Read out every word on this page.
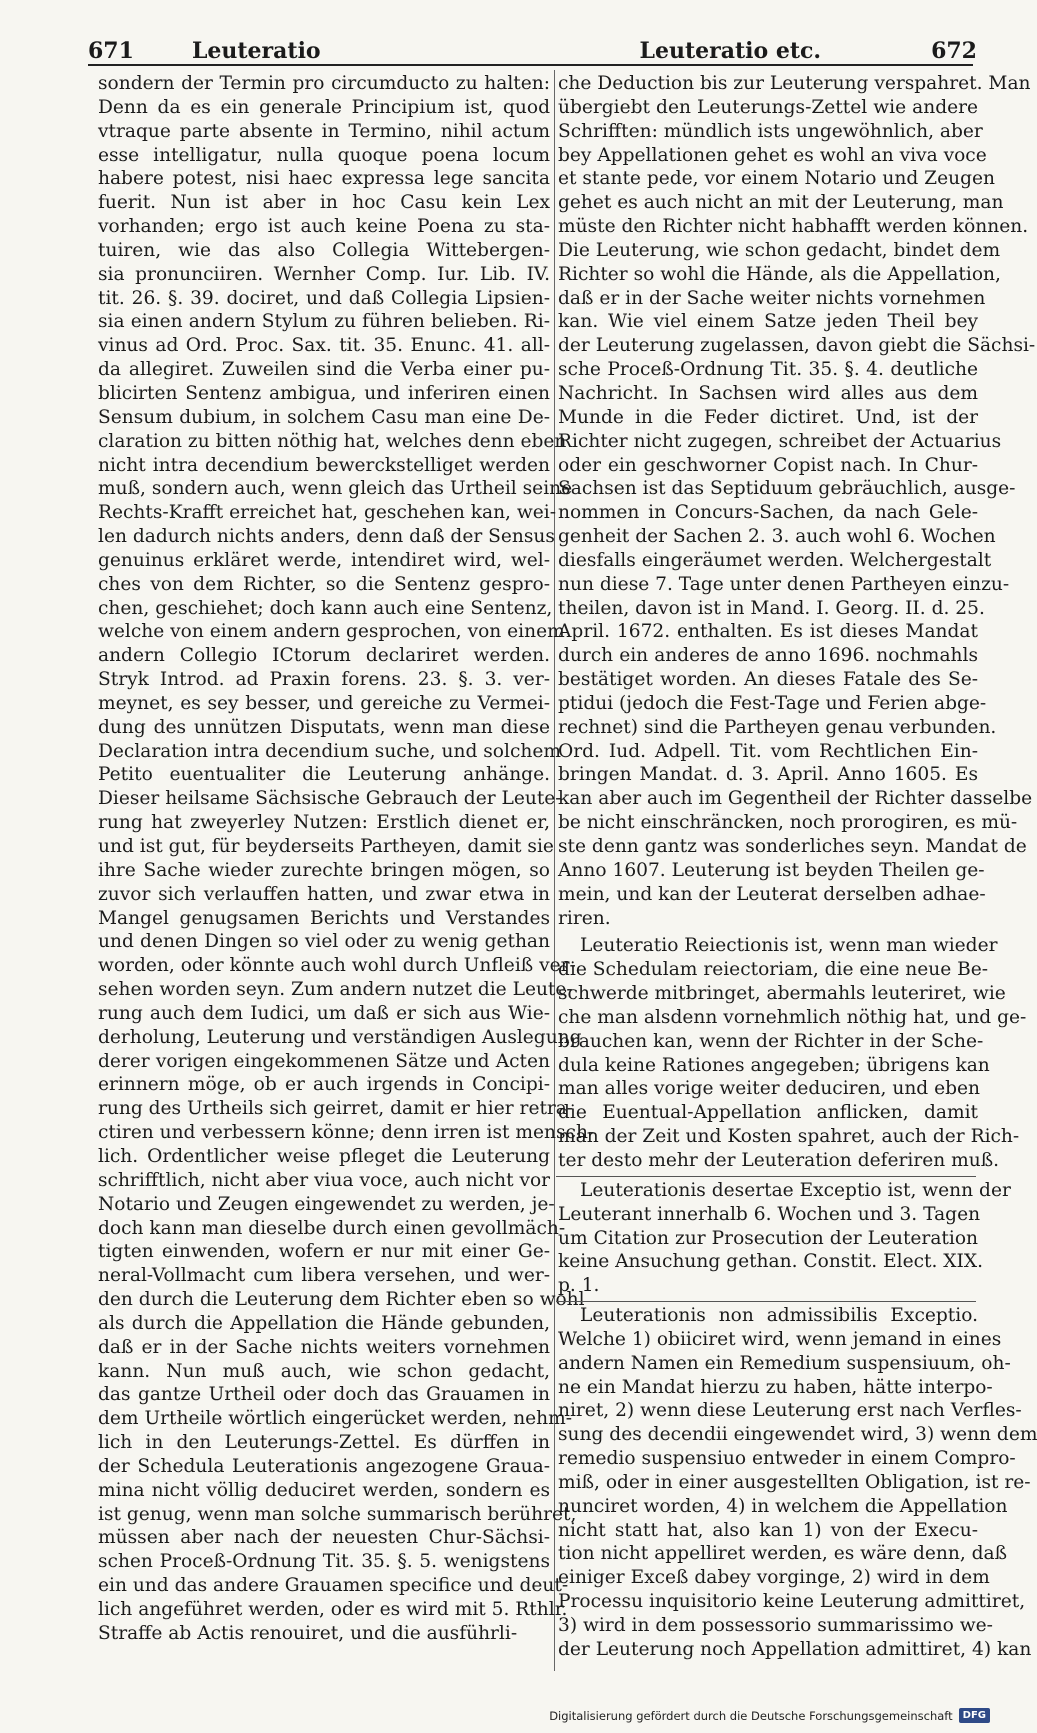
671	Leuteratio	Leuteratio etc.	672
sondern der Termin pro circumducto zu halten:
Denn da es ein generale Principium ist, quod
vtraque parte absente in Termino, nihil actum
esse intelligatur, nulla quoque poena locum
habere potest, nisi haec expressa lege sancita
fuerit. Nun ist aber in hoc Casu kein Lex
vorhanden; ergo ist auch keine Poena zu sta-
tuiren, wie das also Collegia Wittebergen-
sia pronunciiren. Wernher Comp. Iur. Lib. IV.
tit. 26. §. 39. dociret, und daß Collegia Lipsien-
sia einen andern Stylum zu führen belieben. Ri-
vinus ad Ord. Proc. Sax. tit. 35. Enunc. 41. all-
da allegiret. Zuweilen sind die Verba einer pu-
blicirten Sentenz ambigua, und inferiren einen
Sensum dubium, in solchem Casu man eine De-
claration zu bitten nöthig hat, welches denn eben
nicht intra decendium bewerckstelliget werden
muß, sondern auch, wenn gleich das Urtheil seine
Rechts-Krafft erreichet hat, geschehen kan, wei-
len dadurch nichts anders, denn daß der Sensus
genuinus erkläret werde, intendiret wird, wel-
ches von dem Richter, so die Sentenz gespro-
chen, geschiehet; doch kann auch eine Sentenz,
welche von einem andern gesprochen, von einem
andern Collegio ICtorum declariret werden.
Stryk Introd. ad Praxin forens. 23. §. 3. ver-
meynet, es sey besser, und gereiche zu Vermei-
dung des unnützen Disputats, wenn man diese
Declaration intra decendium suche, und solchem
Petito euentualiter die Leuterung anhänge.
Dieser heilsame Sächsische Gebrauch der Leute-
rung hat zweyerley Nutzen: Erstlich dienet er,
und ist gut, für beyderseits Partheyen, damit sie
ihre Sache wieder zurechte bringen mögen, so
zuvor sich verlauffen hatten, und zwar etwa in
Mangel genugsamen Berichts und Verstandes
und denen Dingen so viel oder zu wenig gethan
worden, oder könnte auch wohl durch Unfleiß ver-
sehen worden seyn. Zum andern nutzet die Leute-
rung auch dem Iudici, um daß er sich aus Wie-
derholung, Leuterung und verständigen Auslegung
derer vorigen eingekommenen Sätze und Acten
erinnern möge, ob er auch irgends in Concipi-
rung des Urtheils sich geirret, damit er hier retra-
ctiren und verbessern könne; denn irren ist mensch-
lich. Ordentlicher weise pfleget die Leuterung
schrifftlich, nicht aber viua voce, auch nicht vor
Notario und Zeugen eingewendet zu werden, je-
doch kann man dieselbe durch einen gevollmäch-
tigten einwenden, wofern er nur mit einer Ge-
neral-Vollmacht cum libera versehen, und wer-
den durch die Leuterung dem Richter eben so wohl
als durch die Appellation die Hände gebunden,
daß er in der Sache nichts weiters vornehmen
kann. Nun muß auch, wie schon gedacht,
das gantze Urtheil oder doch das Grauamen in
dem Urtheile wörtlich eingerücket werden, nehm-
lich in den Leuterungs-Zettel. Es dürffen in
der Schedula Leuterationis angezogene Graua-
mina nicht völlig deduciret werden, sondern es
ist genug, wenn man solche summarisch berühret,
müssen aber nach der neuesten Chur-Sächsi-
schen Proceß-Ordnung Tit. 35. §. 5. wenigstens
ein und das andere Grauamen specifice und deut-
lich angeführet werden, oder es wird mit 5. Rthlr.
Straffe ab Actis renouiret, und die ausführli-
che Deduction bis zur Leuterung verspahret. Man
übergiebt den Leuterungs-Zettel wie andere
Schrifften: mündlich ists ungewöhnlich, aber
bey Appellationen gehet es wohl an viva voce
et stante pede, vor einem Notario und Zeugen
gehet es auch nicht an mit der Leuterung, man
müste den Richter nicht habhafft werden können.
Die Leuterung, wie schon gedacht, bindet dem
Richter so wohl die Hände, als die Appellation,
daß er in der Sache weiter nichts vornehmen
kan. Wie viel einem Satze jeden Theil bey
der Leuterung zugelassen, davon giebt die Sächsi-
sche Proceß-Ordnung Tit. 35. §. 4. deutliche
Nachricht. In Sachsen wird alles aus dem
Munde in die Feder dictiret. Und, ist der
Richter nicht zugegen, schreibet der Actuarius
oder ein geschworner Copist nach. In Chur-
Sachsen ist das Septiduum gebräuchlich, ausge-
nommen in Concurs-Sachen, da nach Gele-
genheit der Sachen 2. 3. auch wohl 6. Wochen
diesfalls eingeräumet werden. Welchergestalt
nun diese 7. Tage unter denen Partheyen einzu-
theilen, davon ist in Mand. I. Georg. II. d. 25.
April. 1672. enthalten. Es ist dieses Mandat
durch ein anderes de anno 1696. nochmahls
bestätiget worden. An dieses Fatale des Se-
ptidui (jedoch die Fest-Tage und Ferien abge-
rechnet) sind die Partheyen genau verbunden.
Ord. Iud. Adpell. Tit. vom Rechtlichen Ein-
bringen Mandat. d. 3. April. Anno 1605. Es
kan aber auch im Gegentheil der Richter dasselbe
be nicht einschräncken, noch prorogiren, es mü-
ste denn gantz was sonderliches seyn. Mandat de
Anno 1607. Leuterung ist beyden Theilen ge-
mein, und kan der Leuterat derselben adhae-
riren.
Leuteratio Reiectionis ist, wenn man wieder
die Schedulam reiectoriam, die eine neue Be-
schwerde mitbringet, abermahls leuteriret, wie
che man alsdenn vornehmlich nöthig hat, und ge-
brauchen kan, wenn der Richter in der Sche-
dula keine Rationes angegeben; übrigens kan
man alles vorige weiter deduciren, und eben
die Euentual-Appellation anflicken, damit
man der Zeit und Kosten spahret, auch der Rich-
ter desto mehr der Leuteration deferiren muß.
Leuterationis desertae Exceptio ist, wenn der
Leuterant innerhalb 6. Wochen und 3. Tagen
um Citation zur Prosecution der Leuteration
keine Ansuchung gethan. Constit. Elect. XIX.
p. 1.
Leuterationis non admissibilis Exceptio.
Welche 1) obiiciret wird, wenn jemand in eines
andern Namen ein Remedium suspensiuum, oh-
ne ein Mandat hierzu zu haben, hätte interpo-
niret, 2) wenn diese Leuterung erst nach Verfles-
sung des decendii eingewendet wird, 3) wenn dem
remedio suspensiuo entweder in einem Compro-
miß, oder in einer ausgestellten Obligation, ist re-
nunciret worden, 4) in welchem die Appellation
nicht statt hat, also kan 1) von der Execu-
tion nicht appelliret werden, es wäre denn, daß
einiger Exceß dabey vorginge, 2) wird in dem
Processu inquisitorio keine Leuterung admittiret,
3) wird in dem possessorio summarissimo we-
der Leuterung noch Appellation admittiret, 4) kan
Digitalisierung gefördert durch die Deutsche Forschungsgemeinschaft	DFG
